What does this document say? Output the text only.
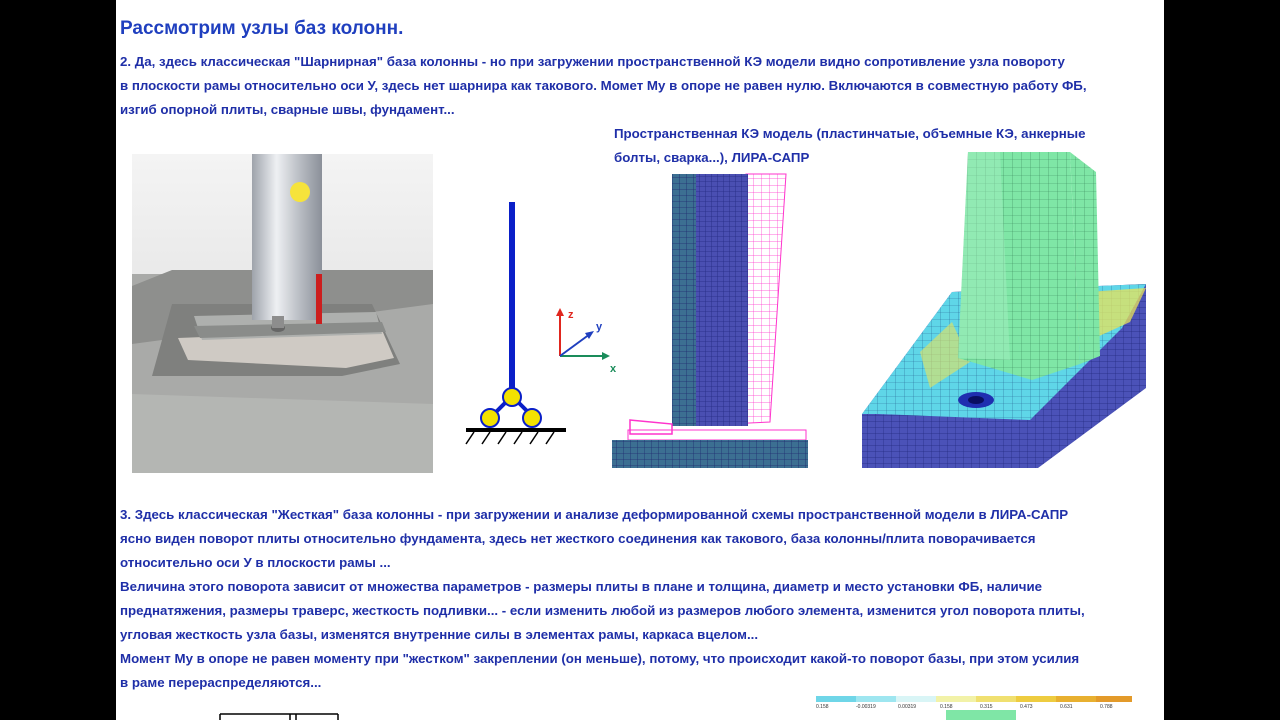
Рассмотрим узлы баз колонн.
2. Да, здесь классическая "Шарнирная" база колонны - но при загружении пространственной КЭ модели видно сопротивление узла повороту
в плоскости рамы относительно оси У, здесь нет шарнира как такового. Момет Му в опоре не равен нулю. Включаются в совместную работу ФБ,
изгиб опорной плиты, сварные швы, фундамент...
z
y
x

Пространственная КЭ модель (пластинчатые, объемные КЭ, анкерные
болты, сварка...), ЛИРА-САПР

3. Здесь классическая "Жесткая" база колонны - при загружении и анализе деформированной схемы пространственной модели в ЛИРА-САПР
ясно виден поворот плиты относительно фундамента, здесь нет жесткого соединения как такового, база колонны/плита поворачивается
относительно оси У в плоскости рамы ...
Величина этого поворота зависит от множества параметров - размеры плиты в плане и толщина, диаметр и место установки ФБ, наличие
преднатяжения, размеры траверс, жесткость подливки... - если изменить любой из размеров любого элемента, изменится угол поворота плиты,
угловая жесткость узла базы, изменятся внутренние силы в элементах рамы, каркаса вцелом...
Момент Му в опоре не равен моменту при "жестком" закреплении (он меньше), потому, что происходит какой-то поворот базы, при этом усилия
в раме перераспределяются...
0.158	-0.00319	0.00319	0.158	0.315	0.473	0.631	0.788
